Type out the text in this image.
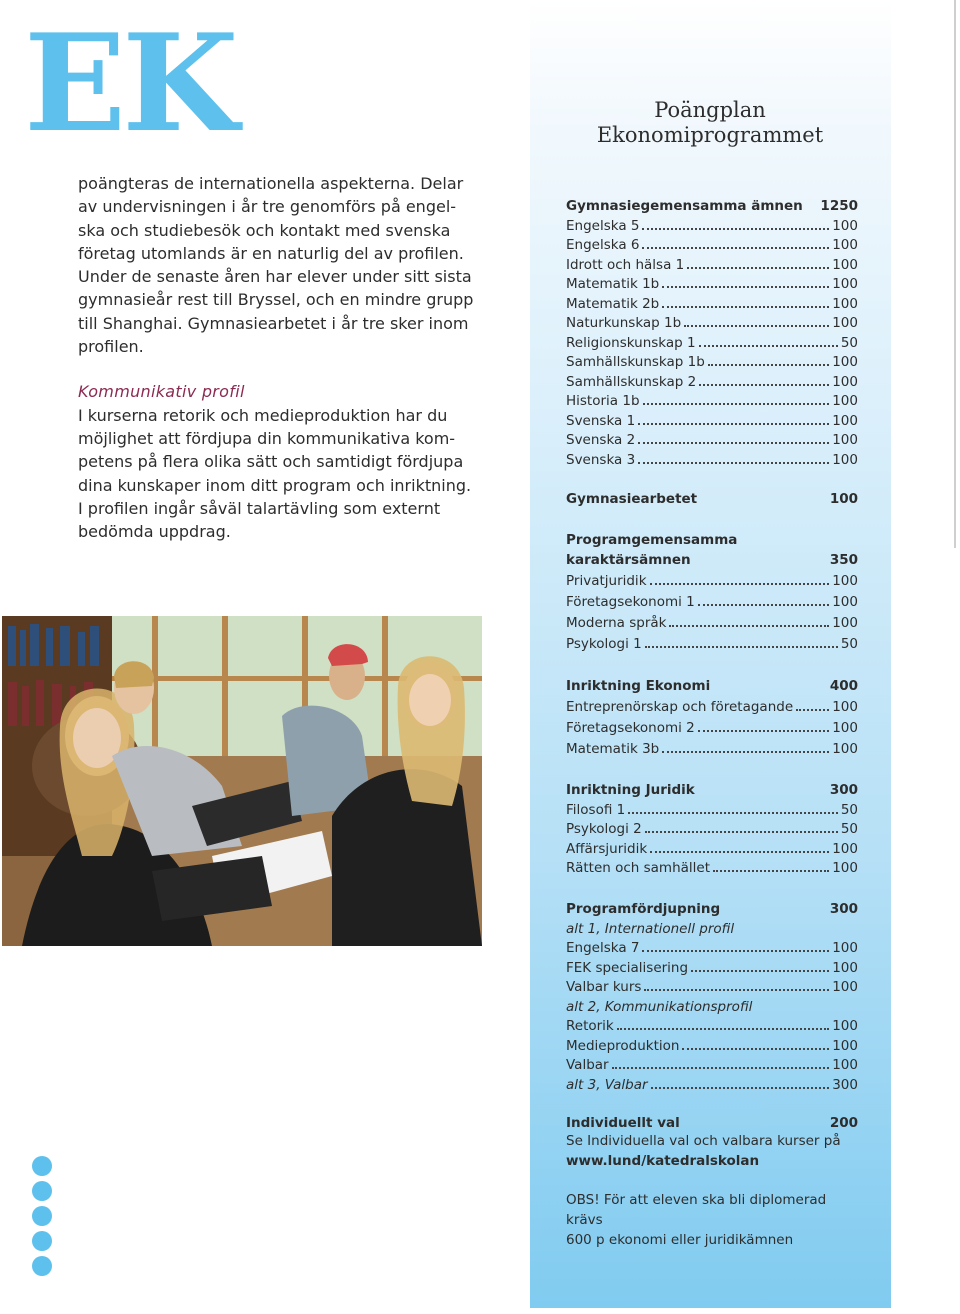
EK	Poängplan
Ekonomiprogrammet

poängteras de internationella aspekterna. Delar av undervisningen i år tre genomförs på engel- ska och studiebesök och kontakt med svenska företag utomlands är en naturlig del av profilen. Under de senaste åren har elever under sitt sista gymnasieår rest till Bryssel, och en mindre grupp till Shanghai. Gymnasiearbetet i år tre sker inom profilen.

Kommunikativ profil

I kurserna retorik och medieproduktion har du möjlighet att fördjupa din kommunikativa kom- petens på flera olika sätt och samtidigt fördjupa dina kunskaper inom ditt program och inriktning. I profilen ingår såväl talartävling som externt bedömda uppdrag.

Gymnasiegemensamma ämnen 1250
Engelska 5	100
Engelska 6	100
Idrott och hälsa 1	100
Matematik 1b	100
Matematik 2b	100
Naturkunskap 1b	100
Religionskunskap 1	50
Samhällskunskap 1b	100
Samhällskunskap 2	100
Historia 1b	100
Svenska 1	100
Svenska 2	100
Svenska 3	100
Gymnasiearbetet	100
Programgemensamma
karaktärsämnen	350
Privatjuridik	100
Företagsekonomi 1	100
Moderna språk	100
Psykologi 1	50
Inriktning Ekonomi	400
Entreprenörskap och företagande	100
Företagsekonomi 2	100
Matematik 3b	100
Inriktning Juridik	300
Filosofi 1	50
Psykologi 2	50
Affärsjuridik	100
Rätten och samhället	100
Programfördjupning	300
alt 1, Internationell profil
Engelska 7	100
FEK specialisering	100
Valbar kurs	100
alt 2, Kommunikationsprofil
Retorik	100
Medieproduktion	100
Valbar	100
alt 3, Valbar	300
Individuellt val	200
Se Individuella val och valbara kurser på
www.lund/katedralskolan
OBS! För att eleven ska bli diplomerad krävs
600 p ekonomi eller juridikämnen
